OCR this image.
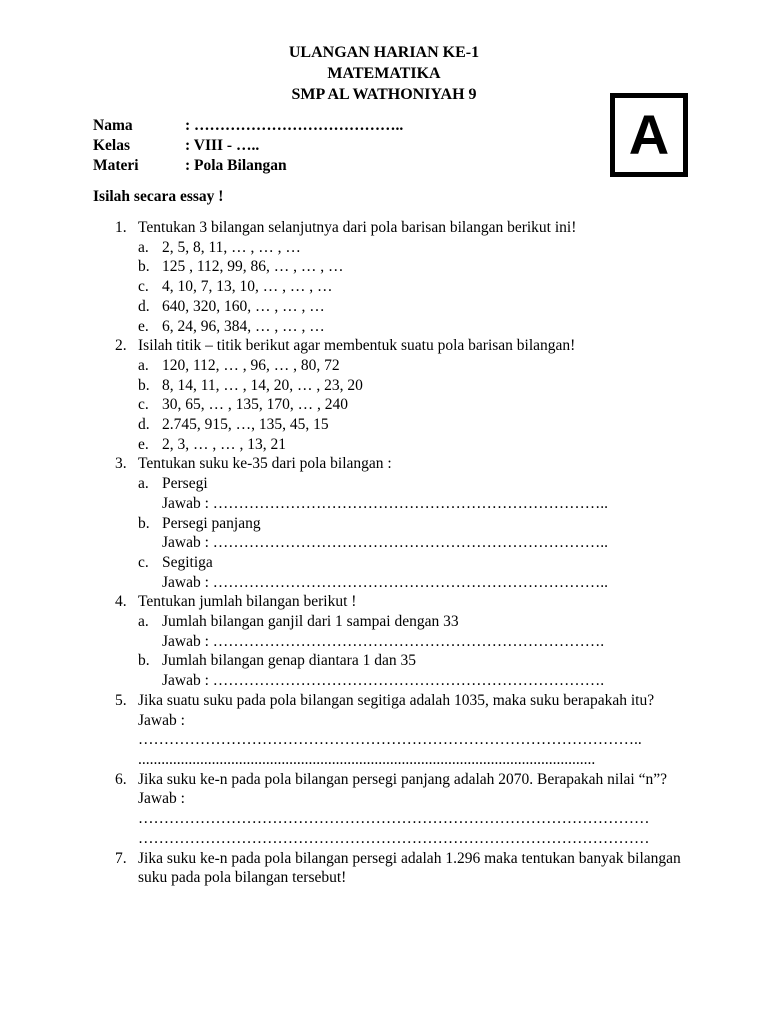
ULANGAN HARIAN KE-1
MATEMATIKA
SMP AL WATHONIYAH 9
A
Nama	: …………………………………..
Kelas	: VIII - …..
Materi	: Pola Bilangan
Isilah secara essay !
1. Tentukan 3 bilangan selanjutnya dari pola barisan bilangan berikut ini!
a. 2, 5, 8, 11, … , … , …
b. 125 , 112, 99, 86, … , … , …
c. 4, 10, 7, 13, 10, … , … , …
d. 640, 320, 160, … , … , …
e. 6, 24, 96, 384, … , … , …
2. Isilah titik – titik berikut agar membentuk suatu pola barisan bilangan!
a. 120, 112, … , 96, … , 80, 72
b. 8, 14, 11, … , 14, 20, … , 23, 20
c. 30, 65, … , 135, 170, … , 240
d. 2.745, 915, …, 135, 45, 15
e. 2, 3, … , … , 13, 21
3. Tentukan suku ke-35 dari pola bilangan :
a. Persegi
Jawab : …………………………………………………………………..
b. Persegi panjang
Jawab : …………………………………………………………………..
c. Segitiga
Jawab : …………………………………………………………………..
4. Tentukan jumlah bilangan berikut !
a. Jumlah bilangan ganjil dari 1 sampai dengan 33
Jawab : ………………………………………………………………….
b. Jumlah bilangan genap diantara 1 dan 35
Jawab : ………………………………………………………………….
5. Jika suatu suku pada pola bilangan segitiga adalah 1035, maka suku berapakah itu?
Jawab :
……………………………………………………………………………………..
......................................................................................................................
6. Jika suku ke-n pada pola bilangan persegi panjang adalah 2070. Berapakah nilai “n”?
Jawab :
………………………………………………………………………………………
………………………………………………………………………………………
7. Jika suku ke-n pada pola bilangan persegi adalah 1.296 maka tentukan banyak bilangan suku pada pola bilangan tersebut!
